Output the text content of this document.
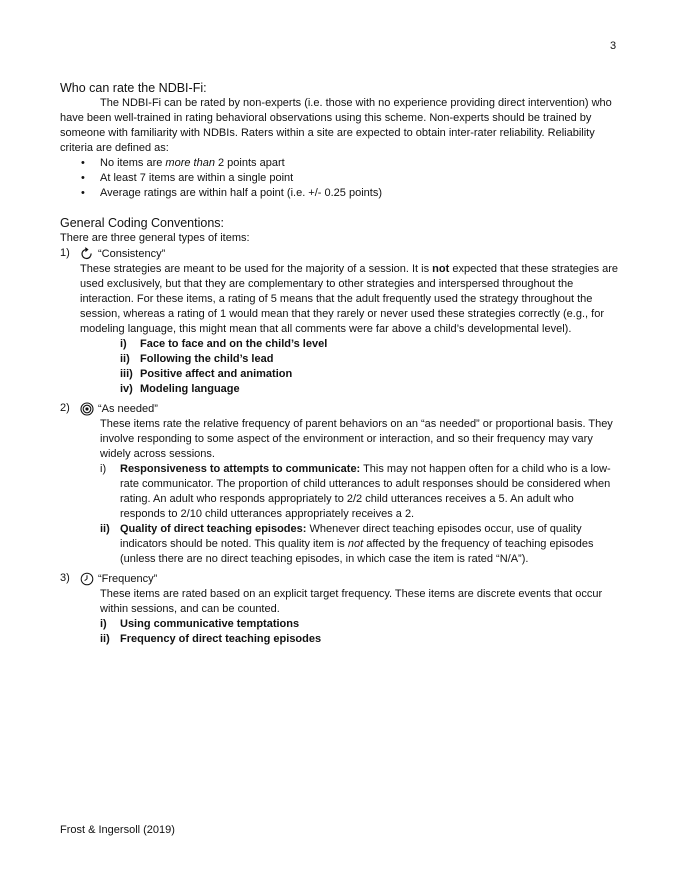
3
Who can rate the NDBI-Fi:

The NDBI-Fi can be rated by non-experts (i.e. those with no experience providing direct intervention) who have been well-trained in rating behavioral observations using this scheme. Non-experts should be trained by someone with familiarity with NDBIs. Raters within a site are expected to obtain inter-rater reliability. Reliability criteria are defined as:

• No items are more than 2 points apart
• At least 7 items are within a single point
• Average ratings are within half a point (i.e. +/- 0.25 points)
General Coding Conventions:

There are three general types of items:

1)	“Consistency”

These strategies are meant to be used for the majority of a session. It is not expected that these strategies are used exclusively, but that they are complementary to other strategies and interspersed throughout the interaction. For these items, a rating of 5 means that the adult frequently used the strategy throughout the session, whereas a rating of 1 would mean that they rarely or never used these strategies correctly (e.g., for modeling language, this might mean that all comments were far above a child’s developmental level).

i) Face to face and on the child’s level
ii) Following the child’s lead
iii) Positive affect and animation
iv) Modeling language
2)	“As needed”

These items rate the relative frequency of parent behaviors on an “as needed” or proportional basis. They involve responding to some aspect of the environment or interaction, and so their frequency may vary widely across sessions.

i) Responsiveness to attempts to communicate: This may not happen often for a child who is a low-rate communicator. The proportion of child utterances to adult responses should be considered when rating. An adult who responds appropriately to 2/2 child utterances receives a 5. An adult who responds to 2/10 child utterances appropriately receives a 2.
ii) Quality of direct teaching episodes: Whenever direct teaching episodes occur, use of quality indicators should be noted. This quality item is not affected by the frequency of teaching episodes (unless there are no direct teaching episodes, in which case the item is rated “N/A”).
3)	“Frequency”

These items are rated based on an explicit target frequency. These items are discrete events that occur within sessions, and can be counted.

i) Using communicative temptations
ii) Frequency of direct teaching episodes
Frost & Ingersoll (2019)
